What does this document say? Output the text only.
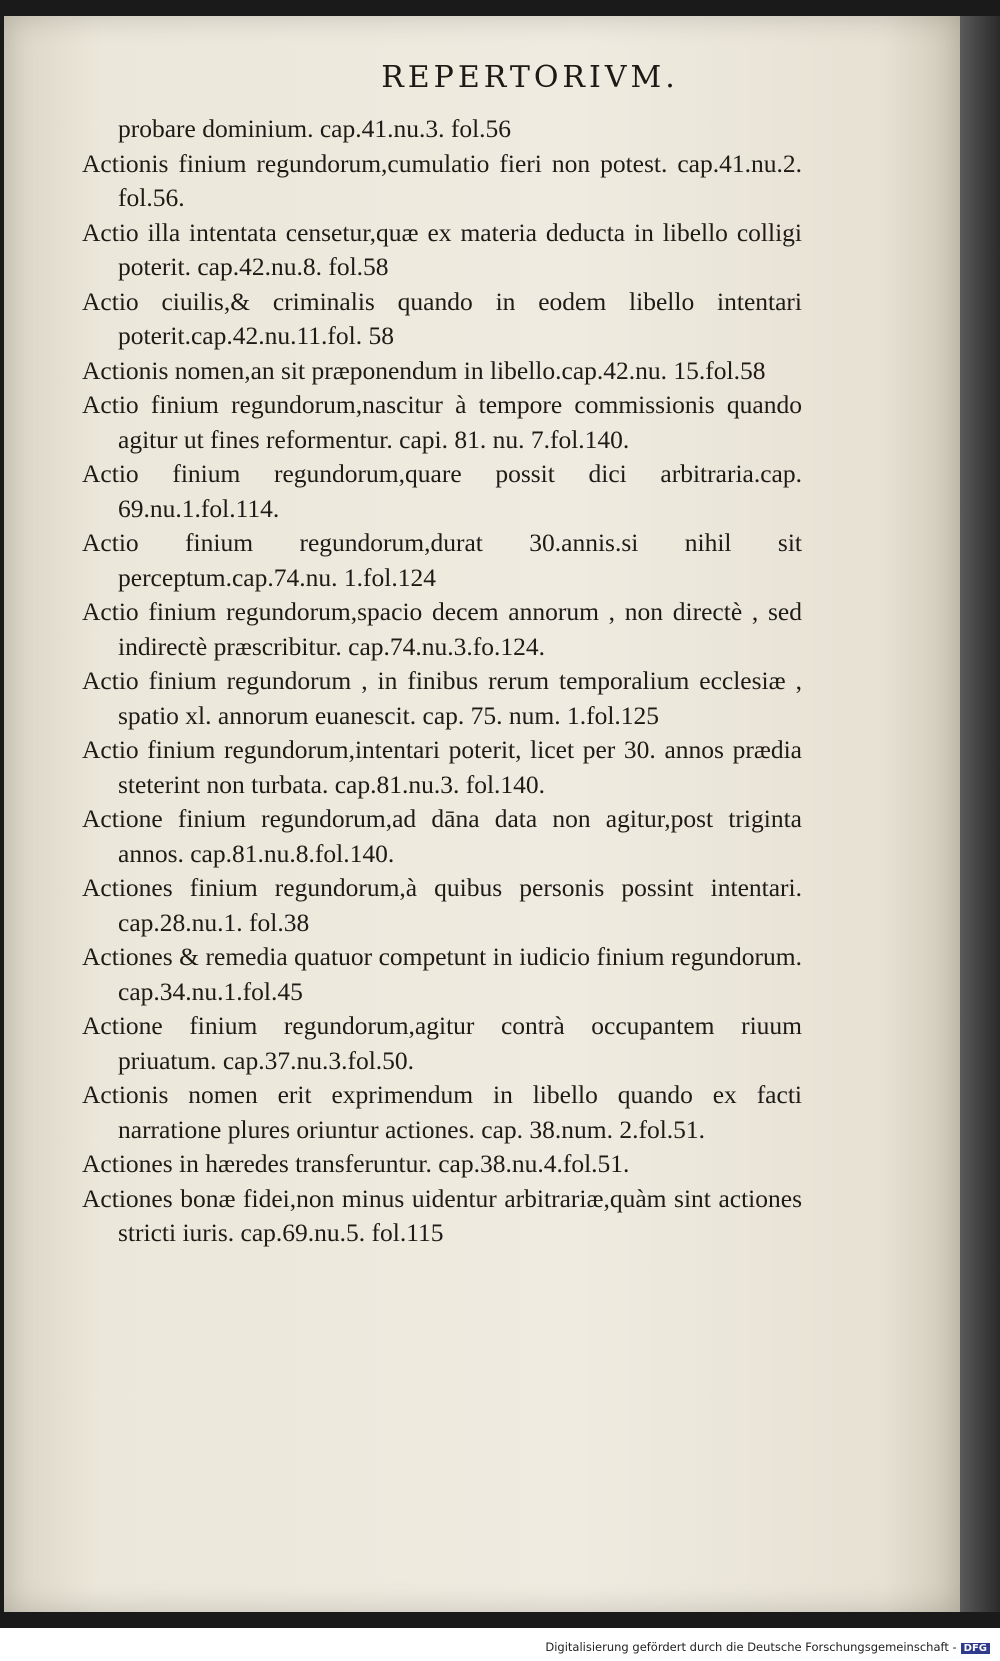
REPERTORIVM.

probare dominium. cap.41.nu.3. fol.56

Actionis finium regundorum,cumulatio fieri non potest. cap.41.nu.2. fol.56.

Actio illa intentata censetur,quæ ex materia deducta in libello colligi poterit. cap.42.nu.8. fol.58

Actio ciuilis,& criminalis quando in eodem libello intentari poterit.cap.42.nu.11.fol. 58

Actionis nomen,an sit præponendum in libello.cap.42.nu. 15.fol.58

Actio finium regundorum,nascitur à tempore commissionis quando agitur ut fines reformentur. capi. 81. nu. 7.fol.140.

Actio finium regundorum,quare possit dici arbitraria.cap. 69.nu.1.fol.114.

Actio finium regundorum,durat 30.annis.si nihil sit perceptum.cap.74.nu. 1.fol.124

Actio finium regundorum,spacio decem annorum , non directè , sed indirectè præscribitur. cap.74.nu.3.fo.124.

Actio finium regundorum , in finibus rerum temporalium ecclesiæ , spatio xl. annorum euanescit. cap. 75. num. 1.fol.125

Actio finium regundorum,intentari poterit, licet per 30. annos prædia steterint non turbata. cap.81.nu.3. fol.140.

Actione finium regundorum,ad dāna data non agitur,post triginta annos. cap.81.nu.8.fol.140.

Actiones finium regundorum,à quibus personis possint intentari. cap.28.nu.1. fol.38

Actiones & remedia quatuor competunt in iudicio finium regundorum. cap.34.nu.1.fol.45

Actione finium regundorum,agitur contrà occupantem riuum priuatum. cap.37.nu.3.fol.50.

Actionis nomen erit exprimendum in libello quando ex facti narratione plures oriuntur actiones. cap. 38.num. 2.fol.51.

Actiones in hæredes transferuntur. cap.38.nu.4.fol.51.

Actiones bonæ fidei,non minus uidentur arbitrariæ,quàm sint actiones stricti iuris. cap.69.nu.5. fol.115

Digitalisierung gefördert durch die Deutsche Forschungsgemeinschaft - DFG
